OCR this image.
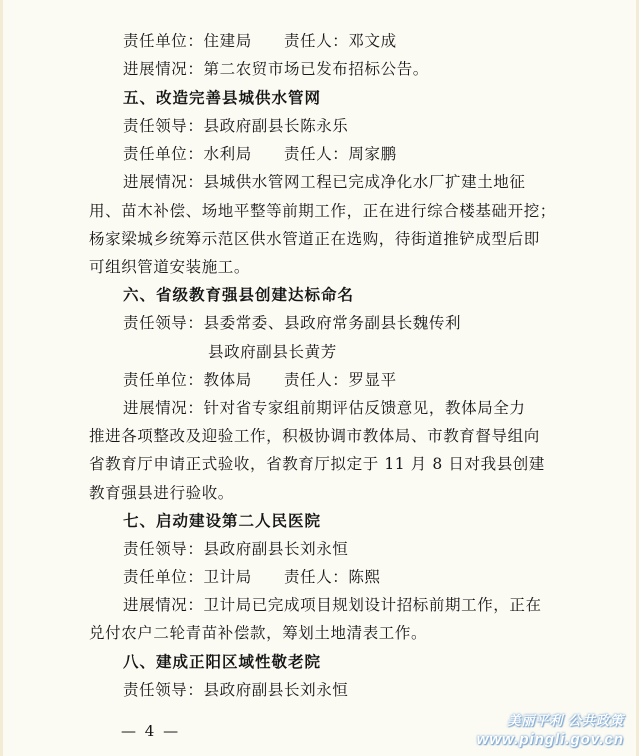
责任单位：住建局　　责任人：邓文成
进展情况：第二农贸市场已发布招标公告。
五、改造完善县城供水管网
责任领导：县政府副县长陈永乐
责任单位：水利局　　责任人：周家鹏
进展情况：县城供水管网工程已完成净化水厂扩建土地征
用、苗木补偿、场地平整等前期工作，正在进行综合楼基础开挖；
杨家梁城乡统筹示范区供水管道正在选购，待街道推铲成型后即
可组织管道安装施工。
六、省级教育强县创建达标命名
责任领导：县委常委、县政府常务副县长魏传利
县政府副县长黄芳
责任单位：教体局　　责任人：罗显平
进展情况：针对省专家组前期评估反馈意见，教体局全力
推进各项整改及迎验工作，积极协调市教体局、市教育督导组向
省教育厅申请正式验收，省教育厅拟定于 11 月 8 日对我县创建
教育强县进行验收。
七、启动建设第二人民医院
责任领导：县政府副县长刘永恒
责任单位：卫计局　　责任人：陈熙
进展情况：卫计局已完成项目规划设计招标前期工作，正在
兑付农户二轮青苗补偿款，筹划土地清表工作。
八、建成正阳区域性敬老院
责任领导：县政府副县长刘永恒
— 4 —
美丽平利 公共政策
www.pingli.gov.cn
